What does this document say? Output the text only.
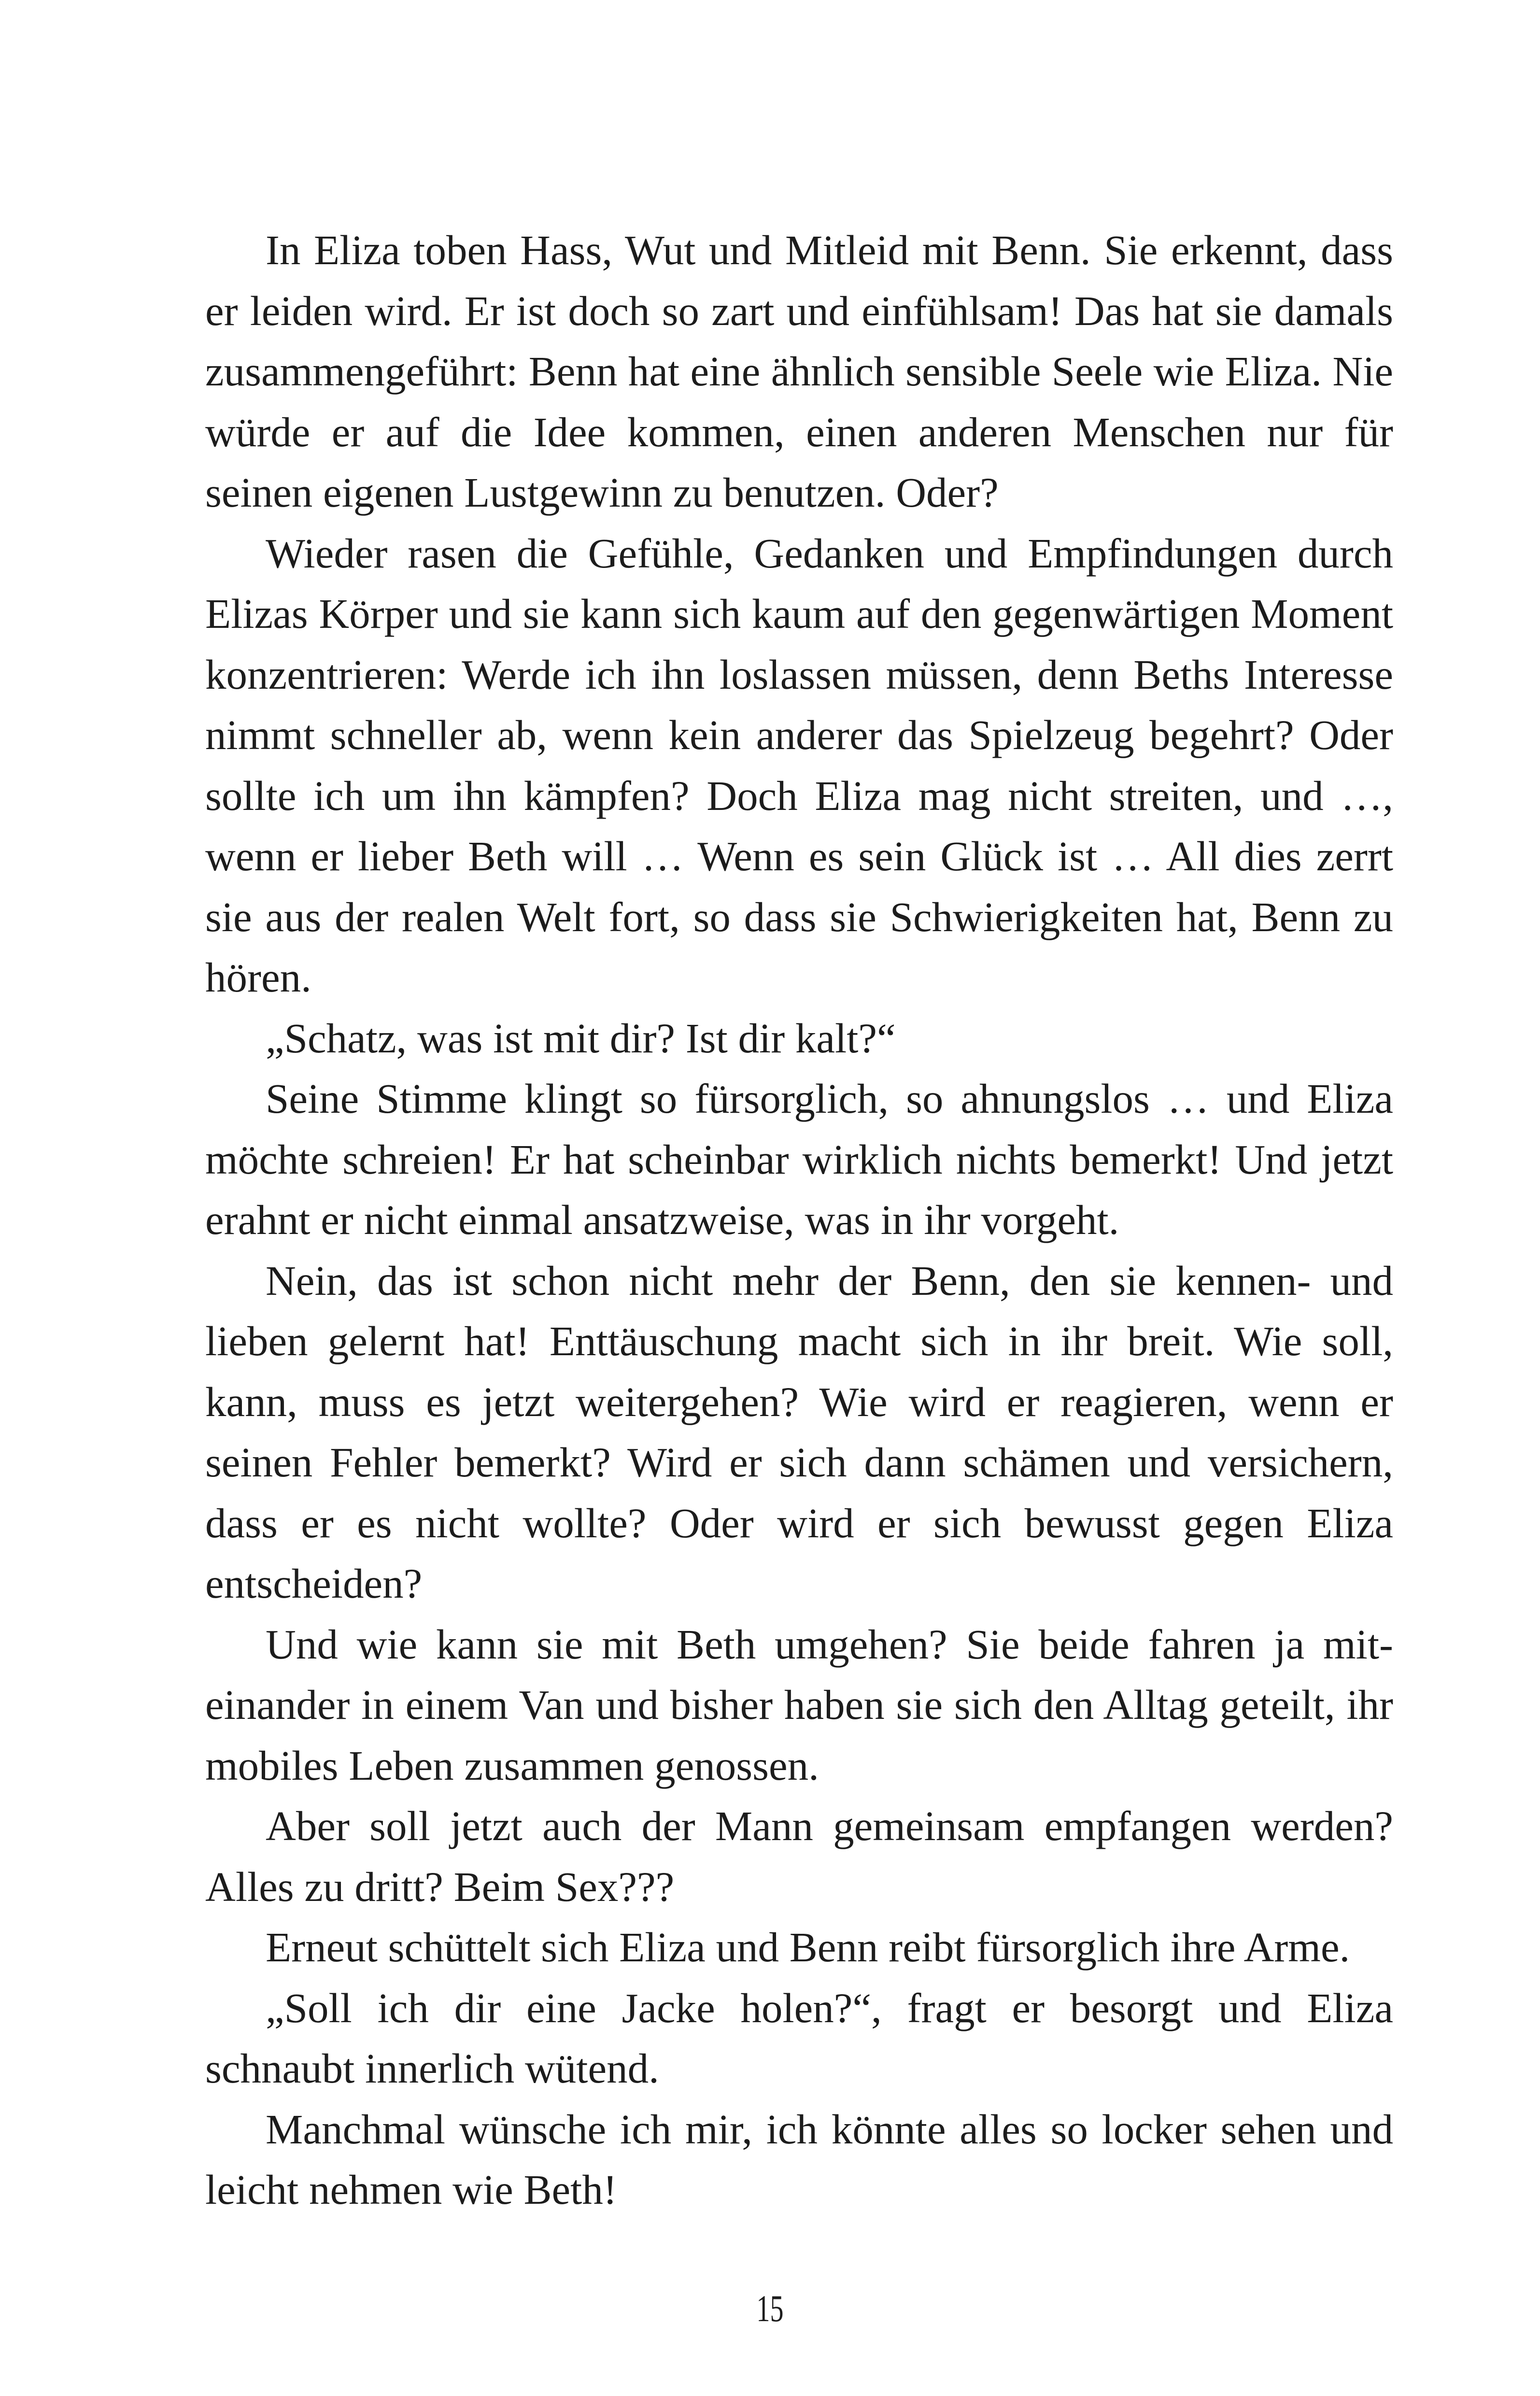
In Eliza toben Hass, Wut und Mitleid mit Benn. Sie erkennt, dass er leiden wird. Er ist doch so zart und einfühlsam! Das hat sie damals zusammengeführt: Benn hat eine ähnlich sensible Seele wie Eliza. Nie würde er auf die Idee kommen, einen anderen Menschen nur für seinen eigenen Lustgewinn zu benutzen. Oder?

Wieder rasen die Gefühle, Gedanken und Empfindungen durch Elizas Körper und sie kann sich kaum auf den gegenwärtigen Moment konzentrieren: Werde ich ihn loslassen müssen, denn Beths Interesse nimmt schneller ab, wenn kein anderer das Spielzeug begehrt? Oder sollte ich um ihn kämpfen? Doch Eliza mag nicht streiten, und …, wenn er lieber Beth will … Wenn es sein Glück ist … All dies zerrt sie aus der realen Welt fort, so dass sie Schwierigkeiten hat, Benn zu hören.

„Schatz, was ist mit dir? Ist dir kalt?“

Seine Stimme klingt so fürsorglich, so ahnungslos … und Eliza möchte schreien! Er hat scheinbar wirklich nichts bemerkt! Und jetzt erahnt er nicht einmal ansatzweise, was in ihr vorgeht.

Nein, das ist schon nicht mehr der Benn, den sie kennen- und lieben gelernt hat! Enttäuschung macht sich in ihr breit. Wie soll, kann, muss es jetzt weitergehen? Wie wird er reagieren, wenn er seinen Fehler bemerkt? Wird er sich dann schämen und versichern, dass er es nicht wollte? Oder wird er sich bewusst gegen Eliza entscheiden?

Und wie kann sie mit Beth umgehen? Sie beide fahren ja miteinander in einem Van und bisher haben sie sich den Alltag geteilt, ihr mobiles Leben zusammen genossen.

Aber soll jetzt auch der Mann gemeinsam empfangen werden? Alles zu dritt? Beim Sex???

Erneut schüttelt sich Eliza und Benn reibt fürsorglich ihre Arme.

„Soll ich dir eine Jacke holen?“, fragt er besorgt und Eliza schnaubt innerlich wütend.

Manchmal wünsche ich mir, ich könnte alles so locker sehen und leicht nehmen wie Beth!

15
